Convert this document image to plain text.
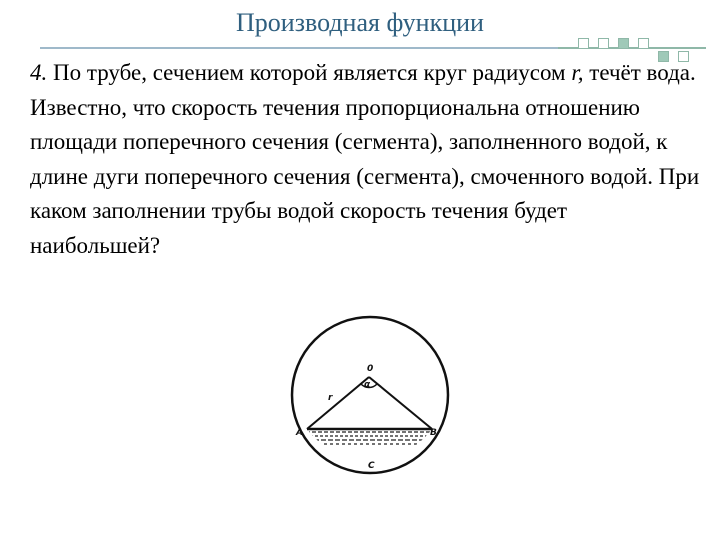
Производная функции
4. По трубе, сечением которой является круг радиусом r, течёт вода. Известно, что скорость течения пропорциональна отношению площади поперечного сечения (сегмента), заполненного водой, к длине дуги поперечного сечения (сегмента), смоченного водой. При каком заполнении трубы водой скорость течения будет наибольшей?
0
α
r
A	B
C
